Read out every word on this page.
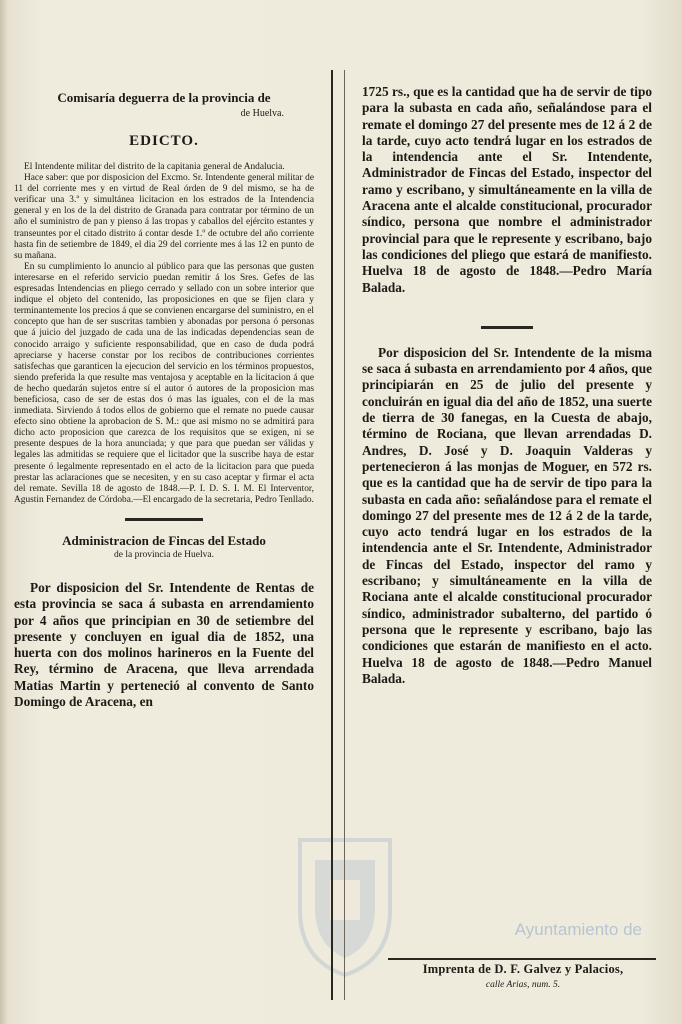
Comisaría deguerra de la provincia de
de Huelva.
EDICTO.

El Intendente militar del distrito de la capitania general de Andalucia.

Hace saber: que por disposicion del Excmo. Sr. Intendente general militar de 11 del corriente mes y en virtud de Real órden de 9 del mismo, se ha de verificar una 3.ª y simultánea licitacion en los estrados de la Intendencia general y en los de la del distrito de Granada para contratar por término de un año el suministro de pan y pienso á las tropas y caballos del ejército estantes y transeuntes por el citado distrito á contar desde 1.º de octubre del año corriente hasta fin de setiembre de 1849, el dia 29 del corriente mes á las 12 en punto de su mañana.

En su cumplimiento lo anuncio al público para que las personas que gusten interesarse en el referido servicio puedan remitir á los Sres. Gefes de las espresadas Intendencias en pliego cerrado y sellado con un sobre interior que indique el objeto del contenido, las proposiciones en que se fijen clara y terminantemente los precios á que se convienen encargarse del suministro, en el concepto que han de ser suscritas tambien y abonadas por persona ó personas que á juicio del juzgado de cada una de las indicadas dependencias sean de conocido arraigo y suficiente responsabilidad, que en caso de duda podrá apreciarse y hacerse constar por los recibos de contribuciones corrientes satisfechas que garanticen la ejecucion del servicio en los términos propuestos, siendo preferida la que resulte mas ventajosa y aceptable en la licitacion á que de hecho quedarán sujetos entre sí el autor ó autores de la proposicion mas beneficiosa, caso de ser de estas dos ó mas las iguales, con el de la mas inmediata. Sirviendo á todos ellos de gobierno que el remate no puede causar efecto sino obtiene la aprobacion de S. M.: que asi mismo no se admitirá para dicho acto proposicion que carezca de los requisitos que se exigen, ni se presente despues de la hora anunciada; y que para que puedan ser válidas y legales las admitidas se requiere que el licitador que la suscribe haya de estar presente ó legalmente representado en el acto de la licitacion para que pueda prestar las aclaraciones que se necesiten, y en su caso aceptar y firmar el acta del remate. Sevilla 18 de agosto de 1848.—P. I. D. S. I. M. El Interventor, Agustin Fernandez de Córdoba.—El encargado de la secretaria, Pedro Tenllado.

Administracion de Fincas del Estado
de la provincia de Huelva.

Por disposicion del Sr. Intendente de Rentas de esta provincia se saca á subasta en arrendamiento por 4 años que principian en 30 de setiembre del presente y concluyen en igual dia de 1852, una huerta con dos molinos harineros en la Fuente del Rey, término de Aracena, que lleva arrendada Matias Martin y perteneció al convento de Santo Domingo de Aracena, en

1725 rs., que es la cantidad que ha de servir de tipo para la subasta en cada año, señalándose para el remate el domingo 27 del presente mes de 12 á 2 de la tarde, cuyo acto tendrá lugar en los estrados de la intendencia ante el Sr. Intendente, Administrador de Fincas del Estado, inspector del ramo y escribano, y simultáneamente en la villa de Aracena ante el alcalde constitucional, procurador síndico, persona que nombre el administrador provincial para que le represente y escribano, bajo las condiciones del pliego que estará de manifiesto. Huelva 18 de agosto de 1848.—Pedro María Balada.

Por disposicion del Sr. Intendente de la misma se saca á subasta en arrendamiento por 4 años, que principiarán en 25 de julio del presente y concluirán en igual dia del año de 1852, una suerte de tierra de 30 fanegas, en la Cuesta de abajo, término de Rociana, que llevan arrendadas D. Andres, D. José y D. Joaquin Valderas y pertenecieron á las monjas de Moguer, en 572 rs. que es la cantidad que ha de servir de tipo para la subasta en cada año: señalándose para el remate el domingo 27 del presente mes de 12 á 2 de la tarde, cuyo acto tendrá lugar en los estrados de la intendencia ante el Sr. Intendente, Administrador de Fincas del Estado, inspector del ramo y escribano; y simultáneamente en la villa de Rociana ante el alcalde constitucional procurador síndico, administrador subalterno, del partido ó persona que le represente y escribano, bajo las condiciones que estarán de manifiesto en el acto. Huelva 18 de agosto de 1848.—Pedro Manuel Balada.

Ayuntamiento de
Imprenta de D. F. Galvez y Palacios,
calle Arias, num. 5.
